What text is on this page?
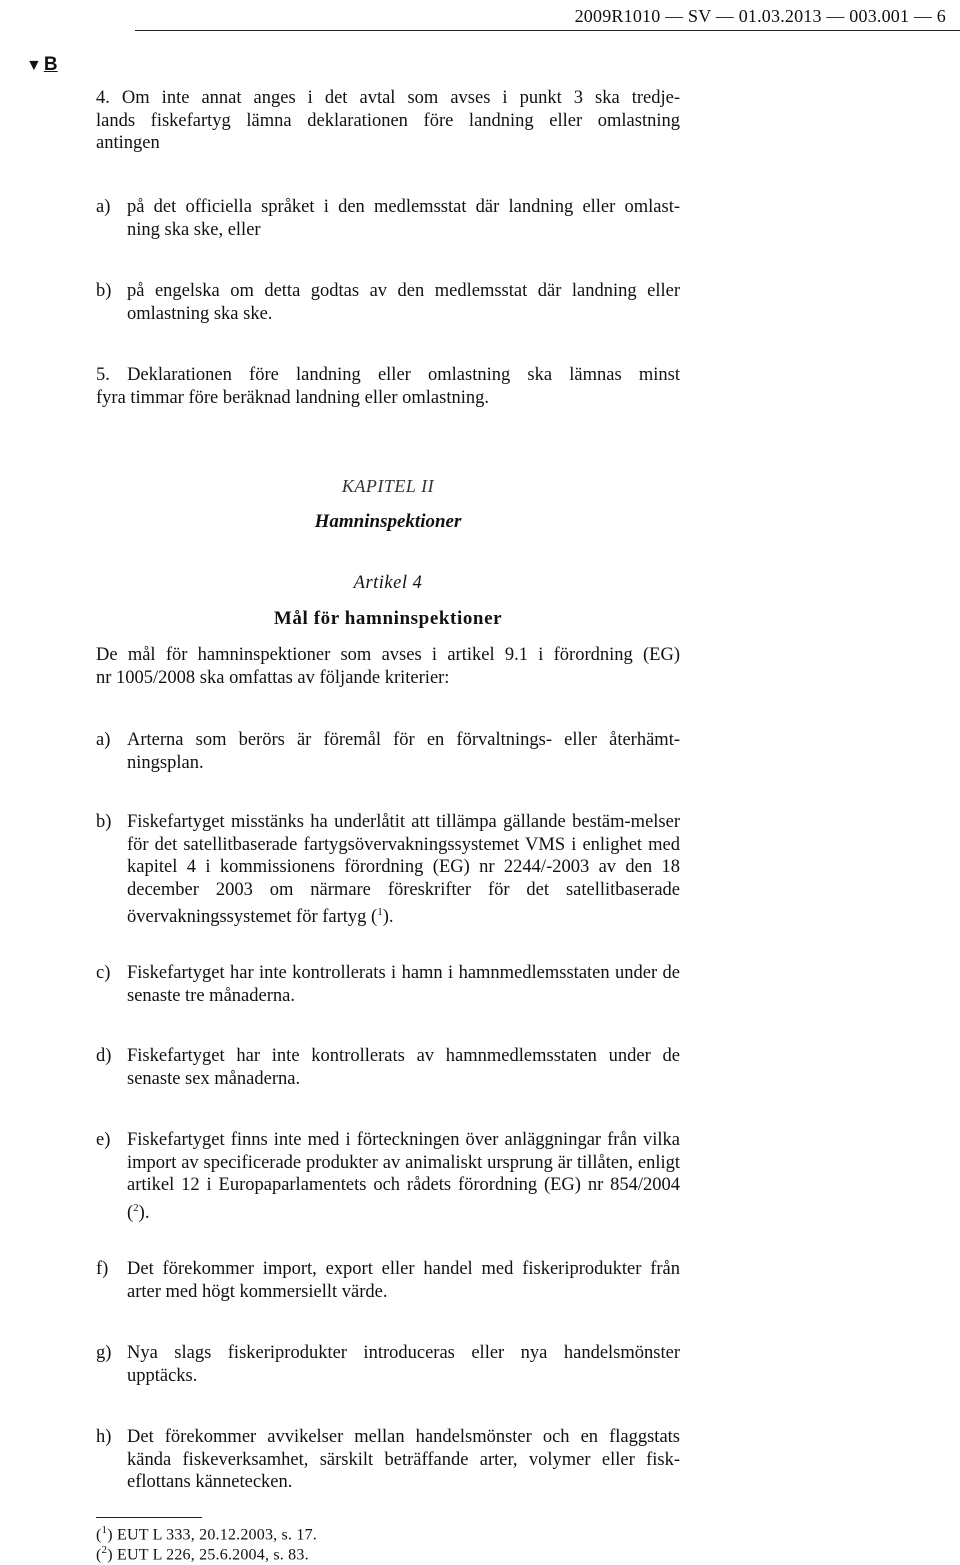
2009R1010 — SV — 01.03.2013 — 003.001 — 6
▼ B
4. Om inte annat anges i det avtal som avses i punkt 3 ska tredje-
lands fiskefartyg lämna deklarationen före landning eller omlastning
antingen
a) på det officiella språket i den medlemsstat där landning eller omlast-
ning ska ske, eller
b) på engelska om detta godtas av den medlemsstat där landning eller
omlastning ska ske.
5. Deklarationen före landning eller omlastning ska lämnas minst
fyra timmar före beräknad landning eller omlastning.
KAPITEL II
Hamninspektioner
Artikel 4
Mål för hamninspektioner
De mål för hamninspektioner som avses i artikel 9.1 i förordning (EG)
nr 1005/2008 ska omfattas av följande kriterier:
a) Arterna som berörs är föremål för en förvaltnings- eller återhämt-ningsplan.
b) Fiskefartyget misstänks ha underlåtit att tillämpa gällande bestäm-melser för det satellitbaserade fartygsövervakningssystemet VMS i enlighet med kapitel 4 i kommissionens förordning (EG) nr 2244/-2003 av den 18 december 2003 om närmare föreskrifter för det satellitbaserade övervakningssystemet för fartyg ($^1$).
c) Fiskefartyget har inte kontrollerats i hamn i hamnmedlemsstaten under de senaste tre månaderna.
d) Fiskefartyget har inte kontrollerats av hamnmedlemsstaten under de senaste sex månaderna.
e) Fiskefartyget finns inte med i förteckningen över anläggningar från vilka import av specificerade produkter av animaliskt ursprung är tillåten, enligt artikel 12 i Europaparlamentets och rådets förordning (EG) nr 854/2004 ($^2$).
f) Det förekommer import, export eller handel med fiskeriprodukter från arter med högt kommersiellt värde.
g) Nya slags fiskeriprodukter introduceras eller nya handelsmönster upptäcks.
h) Det förekommer avvikelser mellan handelsmönster och en flaggstats kända fiskeverksamhet, särskilt beträffande arter, volymer eller fisk-eflottans kännetecken.
($^1$) EUT L 333, 20.12.2003, s. 17.
($^2$) EUT L 226, 25.6.2004, s. 83.
